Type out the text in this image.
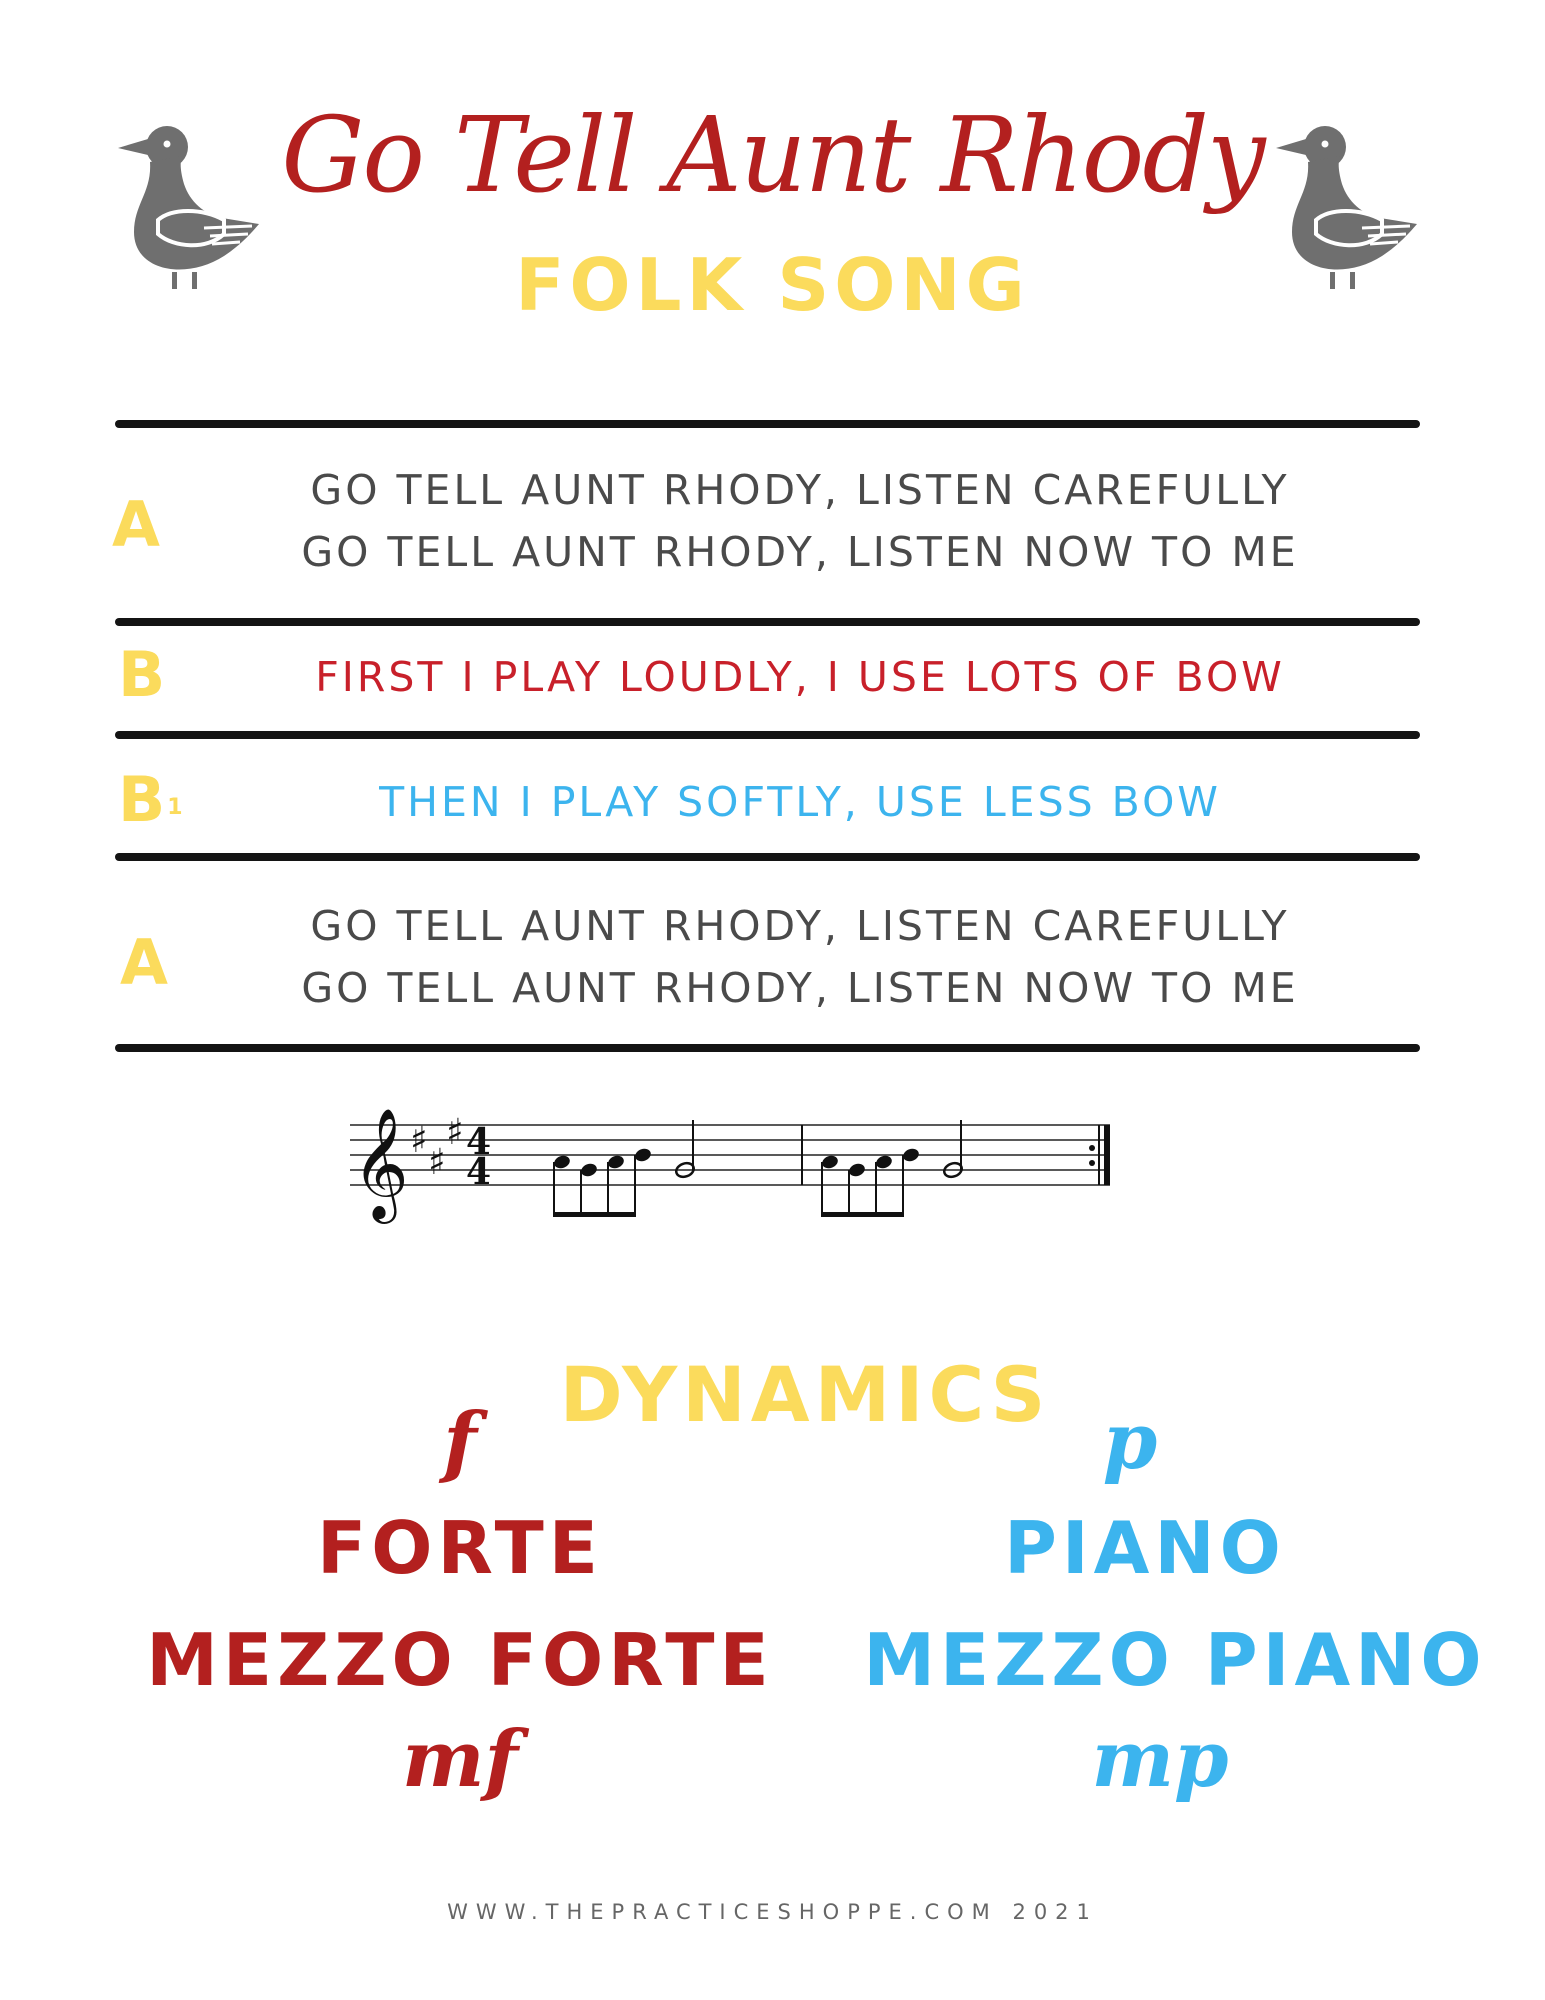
Go Tell Aunt Rhody
FOLK SONG
A	GO TELL AUNT RHODY, LISTEN CAREFULLY
GO TELL AUNT RHODY, LISTEN NOW TO ME
B	FIRST I PLAY LOUDLY, I USE LOTS OF BOW
$B^1$	THEN I PLAY SOFTLY, USE LESS BOW
A	GO TELL AUNT RHODY, LISTEN CAREFULLY
GO TELL AUNT RHODY, LISTEN NOW TO ME
𝄞 ♯
♯
♯ 4
4
DYNAMICS
f
FORTE
MEZZO FORTE
mf
p
PIANO
MEZZO PIANO
mp
WWW.THEPRACTICESHOPPE.COM 2021
